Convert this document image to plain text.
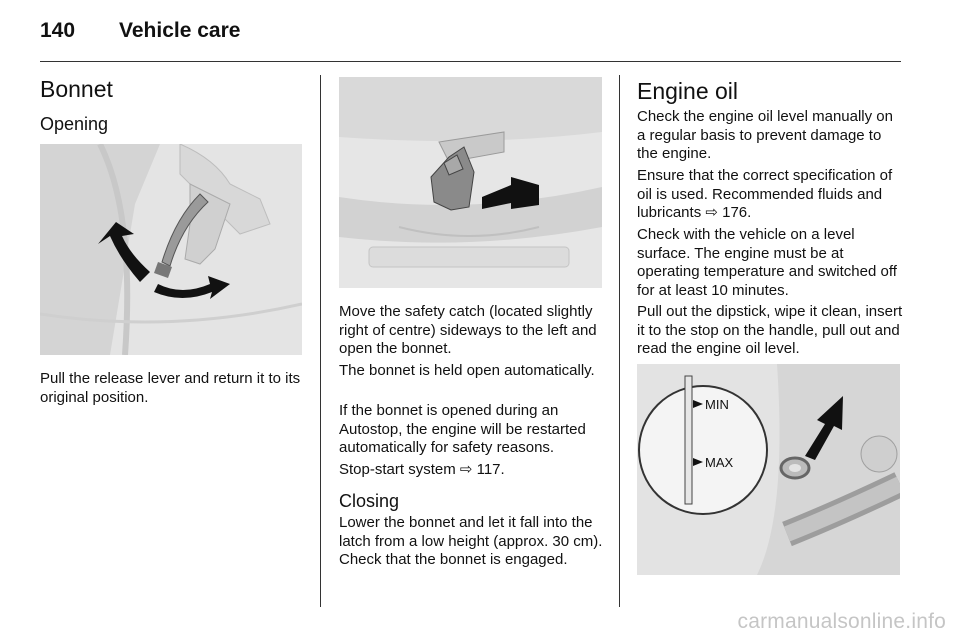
140 Vehicle care
Bonnet
Opening

Pull the release lever and return it to its original position.

Move the safety catch (located slightly right of centre) sideways to the left and open the bonnet.

The bonnet is held open automatically.

If the bonnet is opened during an Autostop, the engine will be restarted automatically for safety reasons.

Stop-start system ⇨ 117.

Closing

Lower the bonnet and let it fall into the latch from a low height (approx. 30 cm). Check that the bonnet is engaged.

Engine oil

Check the engine oil level manually on a regular basis to prevent damage to the engine.

Ensure that the correct specification of oil is used. Recommended fluids and lubricants ⇨ 176.

Check with the vehicle on a level surface. The engine must be at operating temperature and switched off for at least 10 minutes.

Pull out the dipstick, wipe it clean, insert it to the stop on the handle, pull out and read the engine oil level.

MIN
MAX
carmanualsonline.info
